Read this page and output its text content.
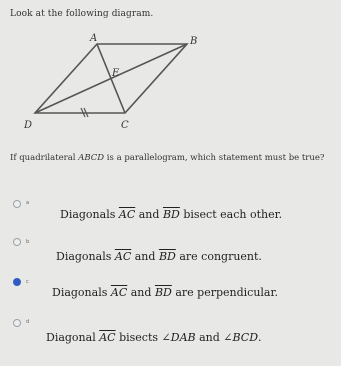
Look at the following diagram.
A	B
C
D
E
If quadrilateral ABCD is a parallelogram, which statement must be true?
a
Diagonals $\overline{AC}$ and $\overline{BD}$ bisect each other.
b
Diagonals $\overline{AC}$ and $\overline{BD}$ are congruent.
c
Diagonals $\overline{AC}$ and $\overline{BD}$ are perpendicular.
d
Diagonal $\overline{AC}$ bisects ∠DAB and ∠BCD.
